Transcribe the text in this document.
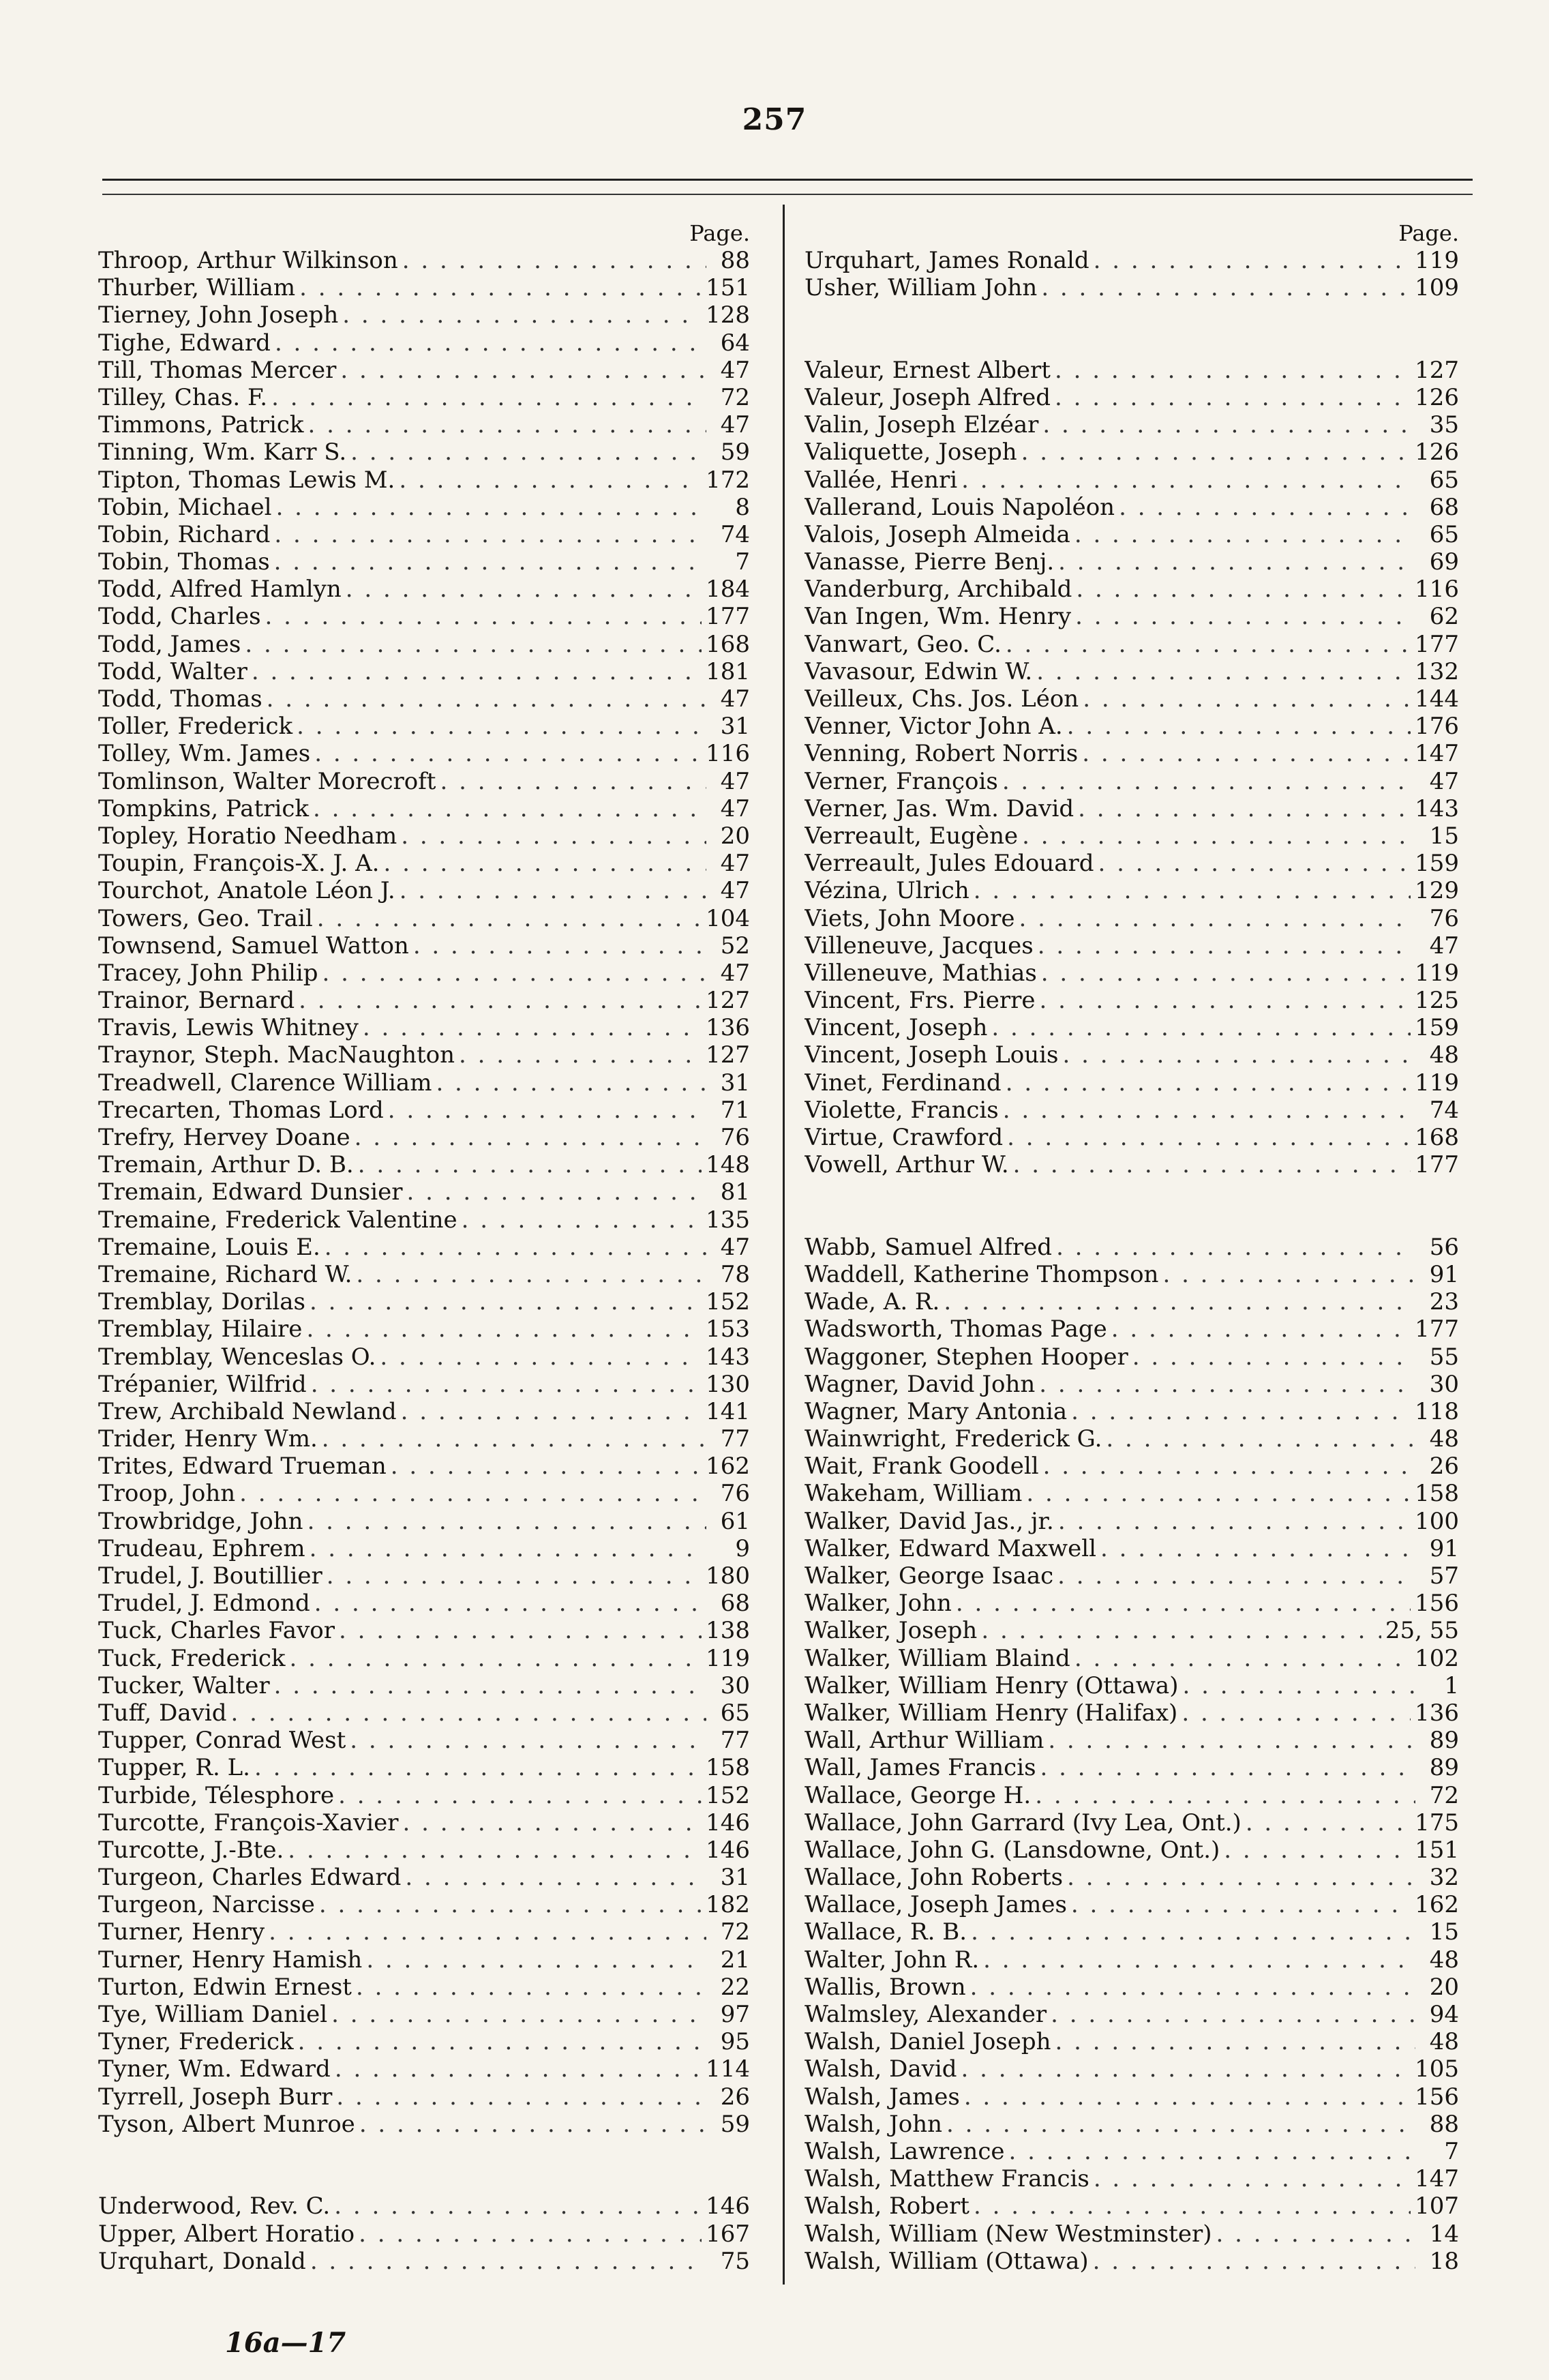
257
Page.
Throop, Arthur Wilkinson . . .	88
Thurber, William . . .	151
Tierney, John Joseph . . .	128
Tighe, Edward . . .	64
Till, Thomas Mercer . . .	47
Tilley, Chas. F. . . .	72
Timmons, Patrick . . .	47
Tinning, Wm. Karr S. . . .	59
Tipton, Thomas Lewis M. . . .	172
Tobin, Michael . . .	8
Tobin, Richard . . .	74
Tobin, Thomas . . .	7
Todd, Alfred Hamlyn . . .	184
Todd, Charles . . .	177
Todd, James . . .	168
Todd, Walter . . .	181
Todd, Thomas . . .	47
Toller, Frederick . . .	31
Tolley, Wm. James . . .	116
Tomlinson, Walter Morecroft . . .	47
Tompkins, Patrick . . .	47
Topley, Horatio Needham . . .	20
Toupin, François-X. J. A. . . .	47
Tourchot, Anatole Léon J. . . .	47
Towers, Geo. Trail . . .	104
Townsend, Samuel Watton . . .	52
Tracey, John Philip . . .	47
Trainor, Bernard . . .	127
Travis, Lewis Whitney . . .	136
Traynor, Steph. MacNaughton . . .	127
Treadwell, Clarence William . . .	31
Trecarten, Thomas Lord . . .	71
Trefry, Hervey Doane . . .	76
Tremain, Arthur D. B. . . .	148
Tremain, Edward Dunsier . . .	81
Tremaine, Frederick Valentine . . .	135
Tremaine, Louis E. . . .	47
Tremaine, Richard W. . . .	78
Tremblay, Dorilas . . .	152
Tremblay, Hilaire . . .	153
Tremblay, Wenceslas O. . . .	143
Trépanier, Wilfrid . . .	130
Trew, Archibald Newland . . .	141
Trider, Henry Wm. . . .	77
Trites, Edward Trueman . . .	162
Troop, John . . .	76
Trowbridge, John . . .	61
Trudeau, Ephrem . . .	9
Trudel, J. Boutillier . . .	180
Trudel, J. Edmond . . .	68
Tuck, Charles Favor . . .	138
Tuck, Frederick . . .	119
Tucker, Walter . . .	30
Tuff, David . . .	65
Tupper, Conrad West . . .	77
Tupper, R. L. . . .	158
Turbide, Télesphore . . .	152
Turcotte, François-Xavier . . .	146
Turcotte, J.-Bte. . . .	146
Turgeon, Charles Edward . . .	31
Turgeon, Narcisse . . .	182
Turner, Henry . . .	72
Turner, Henry Hamish . . .	21
Turton, Edwin Ernest . . .	22
Tye, William Daniel . . .	97
Tyner, Frederick . . .	95
Tyner, Wm. Edward . . .	114
Tyrrell, Joseph Burr . . .	26
Tyson, Albert Munroe . . .	59
Underwood, Rev. C. . . .	146
Upper, Albert Horatio . . .	167
Urquhart, Donald . . .	75
Page.
Urquhart, James Ronald . . .	119
Usher, William John . . .	109
Valeur, Ernest Albert . . .	127
Valeur, Joseph Alfred . . .	126
Valin, Joseph Elzéar . . .	35
Valiquette, Joseph . . .	126
Vallée, Henri . . .	65
Vallerand, Louis Napoléon . . .	68
Valois, Joseph Almeida . . .	65
Vanasse, Pierre Benj. . . .	69
Vanderburg, Archibald . . .	116
Van Ingen, Wm. Henry . . .	62
Vanwart, Geo. C. . . .	177
Vavasour, Edwin W. . . .	132
Veilleux, Chs. Jos. Léon . . .	144
Venner, Victor John A. . . .	176
Venning, Robert Norris . . .	147
Verner, François . . .	47
Verner, Jas. Wm. David . . .	143
Verreault, Eugène . . .	15
Verreault, Jules Edouard . . .	159
Vézina, Ulrich . . .	129
Viets, John Moore . . .	76
Villeneuve, Jacques . . .	47
Villeneuve, Mathias . . .	119
Vincent, Frs. Pierre . . .	125
Vincent, Joseph . . .	159
Vincent, Joseph Louis . . .	48
Vinet, Ferdinand . . .	119
Violette, Francis . . .	74
Virtue, Crawford . . .	168
Vowell, Arthur W. . . .	177
Wabb, Samuel Alfred . . .	56
Waddell, Katherine Thompson . . .	91
Wade, A. R. . . .	23
Wadsworth, Thomas Page . . .	177
Waggoner, Stephen Hooper . . .	55
Wagner, David John . . .	30
Wagner, Mary Antonia . . .	118
Wainwright, Frederick G. . . .	48
Wait, Frank Goodell . . .	26
Wakeham, William . . .	158
Walker, David Jas., jr. . . .	100
Walker, Edward Maxwell . . .	91
Walker, George Isaac . . .	57
Walker, John . . .	156
Walker, Joseph . . .	25, 55
Walker, William Blaind . . .	102
Walker, William Henry (Ottawa) . . .	1
Walker, William Henry (Halifax) . . .	136
Wall, Arthur William . . .	89
Wall, James Francis . . .	89
Wallace, George H. . . .	72
Wallace, John Garrard (Ivy Lea, Ont.) . . .	175
Wallace, John G. (Lansdowne, Ont.) . . .	151
Wallace, John Roberts . . .	32
Wallace, Joseph James . . .	162
Wallace, R. B. . . .	15
Walter, John R. . . .	48
Wallis, Brown . . .	20
Walmsley, Alexander . . .	94
Walsh, Daniel Joseph . . .	48
Walsh, David . . .	105
Walsh, James . . .	156
Walsh, John . . .	88
Walsh, Lawrence . . .	7
Walsh, Matthew Francis . . .	147
Walsh, Robert . . .	107
Walsh, William (New Westminster) . . .	14
Walsh, William (Ottawa) . . .	18
16a—17
